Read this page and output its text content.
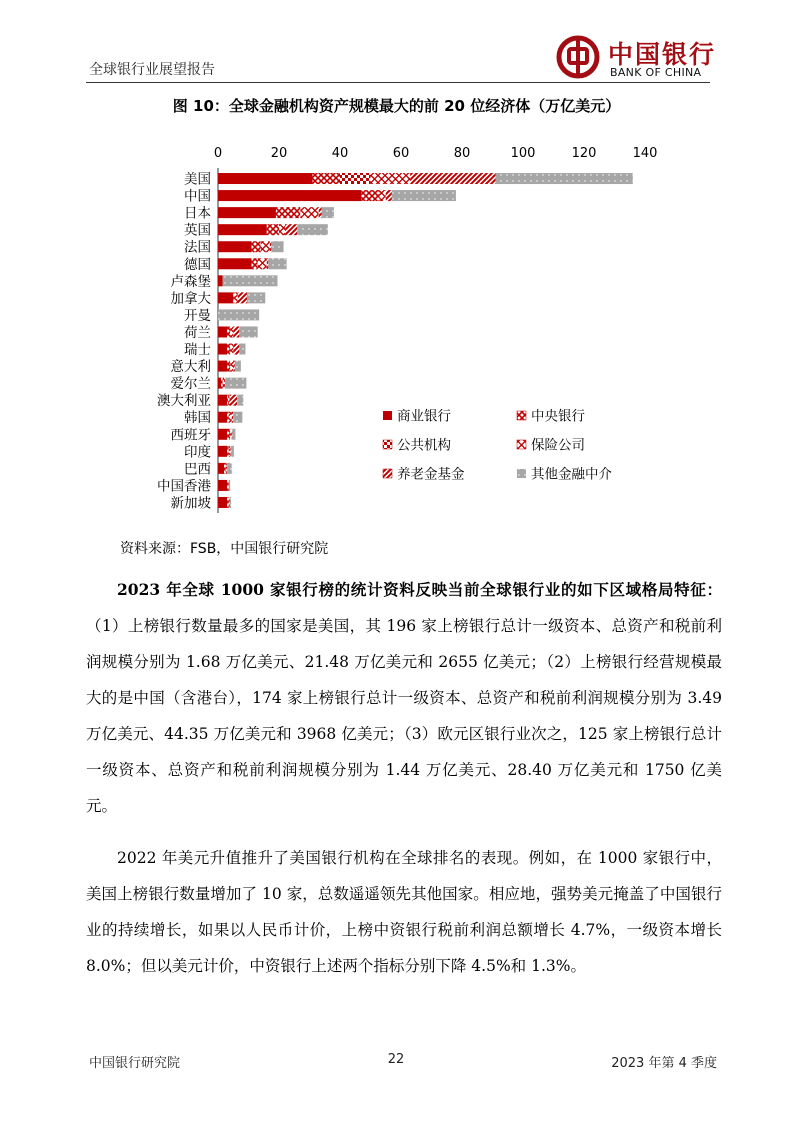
全球银行业展望报告
中国银行
BANK OF CHINA
图 10：全球金融机构资产规模最大的前 20 位经济体（万亿美元）
0	20	40	60	80	100	120	140
美国
中国
日本
英国
法国
德国
卢森堡
加拿大
开曼
荷兰
瑞士
意大利
爱尔兰
澳大利亚
韩国
西班牙
印度
巴西
中国香港
新加坡
商业银行	中央银行
公共机构	保险公司
养老金基金	其他金融中介
资料来源：FSB，中国银行研究院

2023 年全球 1000 家银行榜的统计资料反映当前全球银行业的如下区域格局特征：（1）上榜银行数量最多的国家是美国，其 196 家上榜银行总计一级资本、总资产和税前利润规模分别为 1.68 万亿美元、21.48 万亿美元和 2655 亿美元；（2）上榜银行经营规模最大的是中国（含港台），174 家上榜银行总计一级资本、总资产和税前利润规模分别为 3.49 万亿美元、44.35 万亿美元和 3968 亿美元；（3）欧元区银行业次之，125 家上榜银行总计一级资本、总资产和税前利润规模分别为 1.44 万亿美元、28.40 万亿美元和 1750 亿美元。

2022 年美元升值推升了美国银行机构在全球排名的表现。例如，在 1000 家银行中，美国上榜银行数量增加了 10 家，总数遥遥领先其他国家。相应地，强势美元掩盖了中国银行业的持续增长，如果以人民币计价，上榜中资银行税前利润总额增长 4.7%，一级资本增长 8.0%；但以美元计价，中资银行上述两个指标分别下降 4.5%和 1.3%。

中国银行研究院	22	2023 年第 4 季度
